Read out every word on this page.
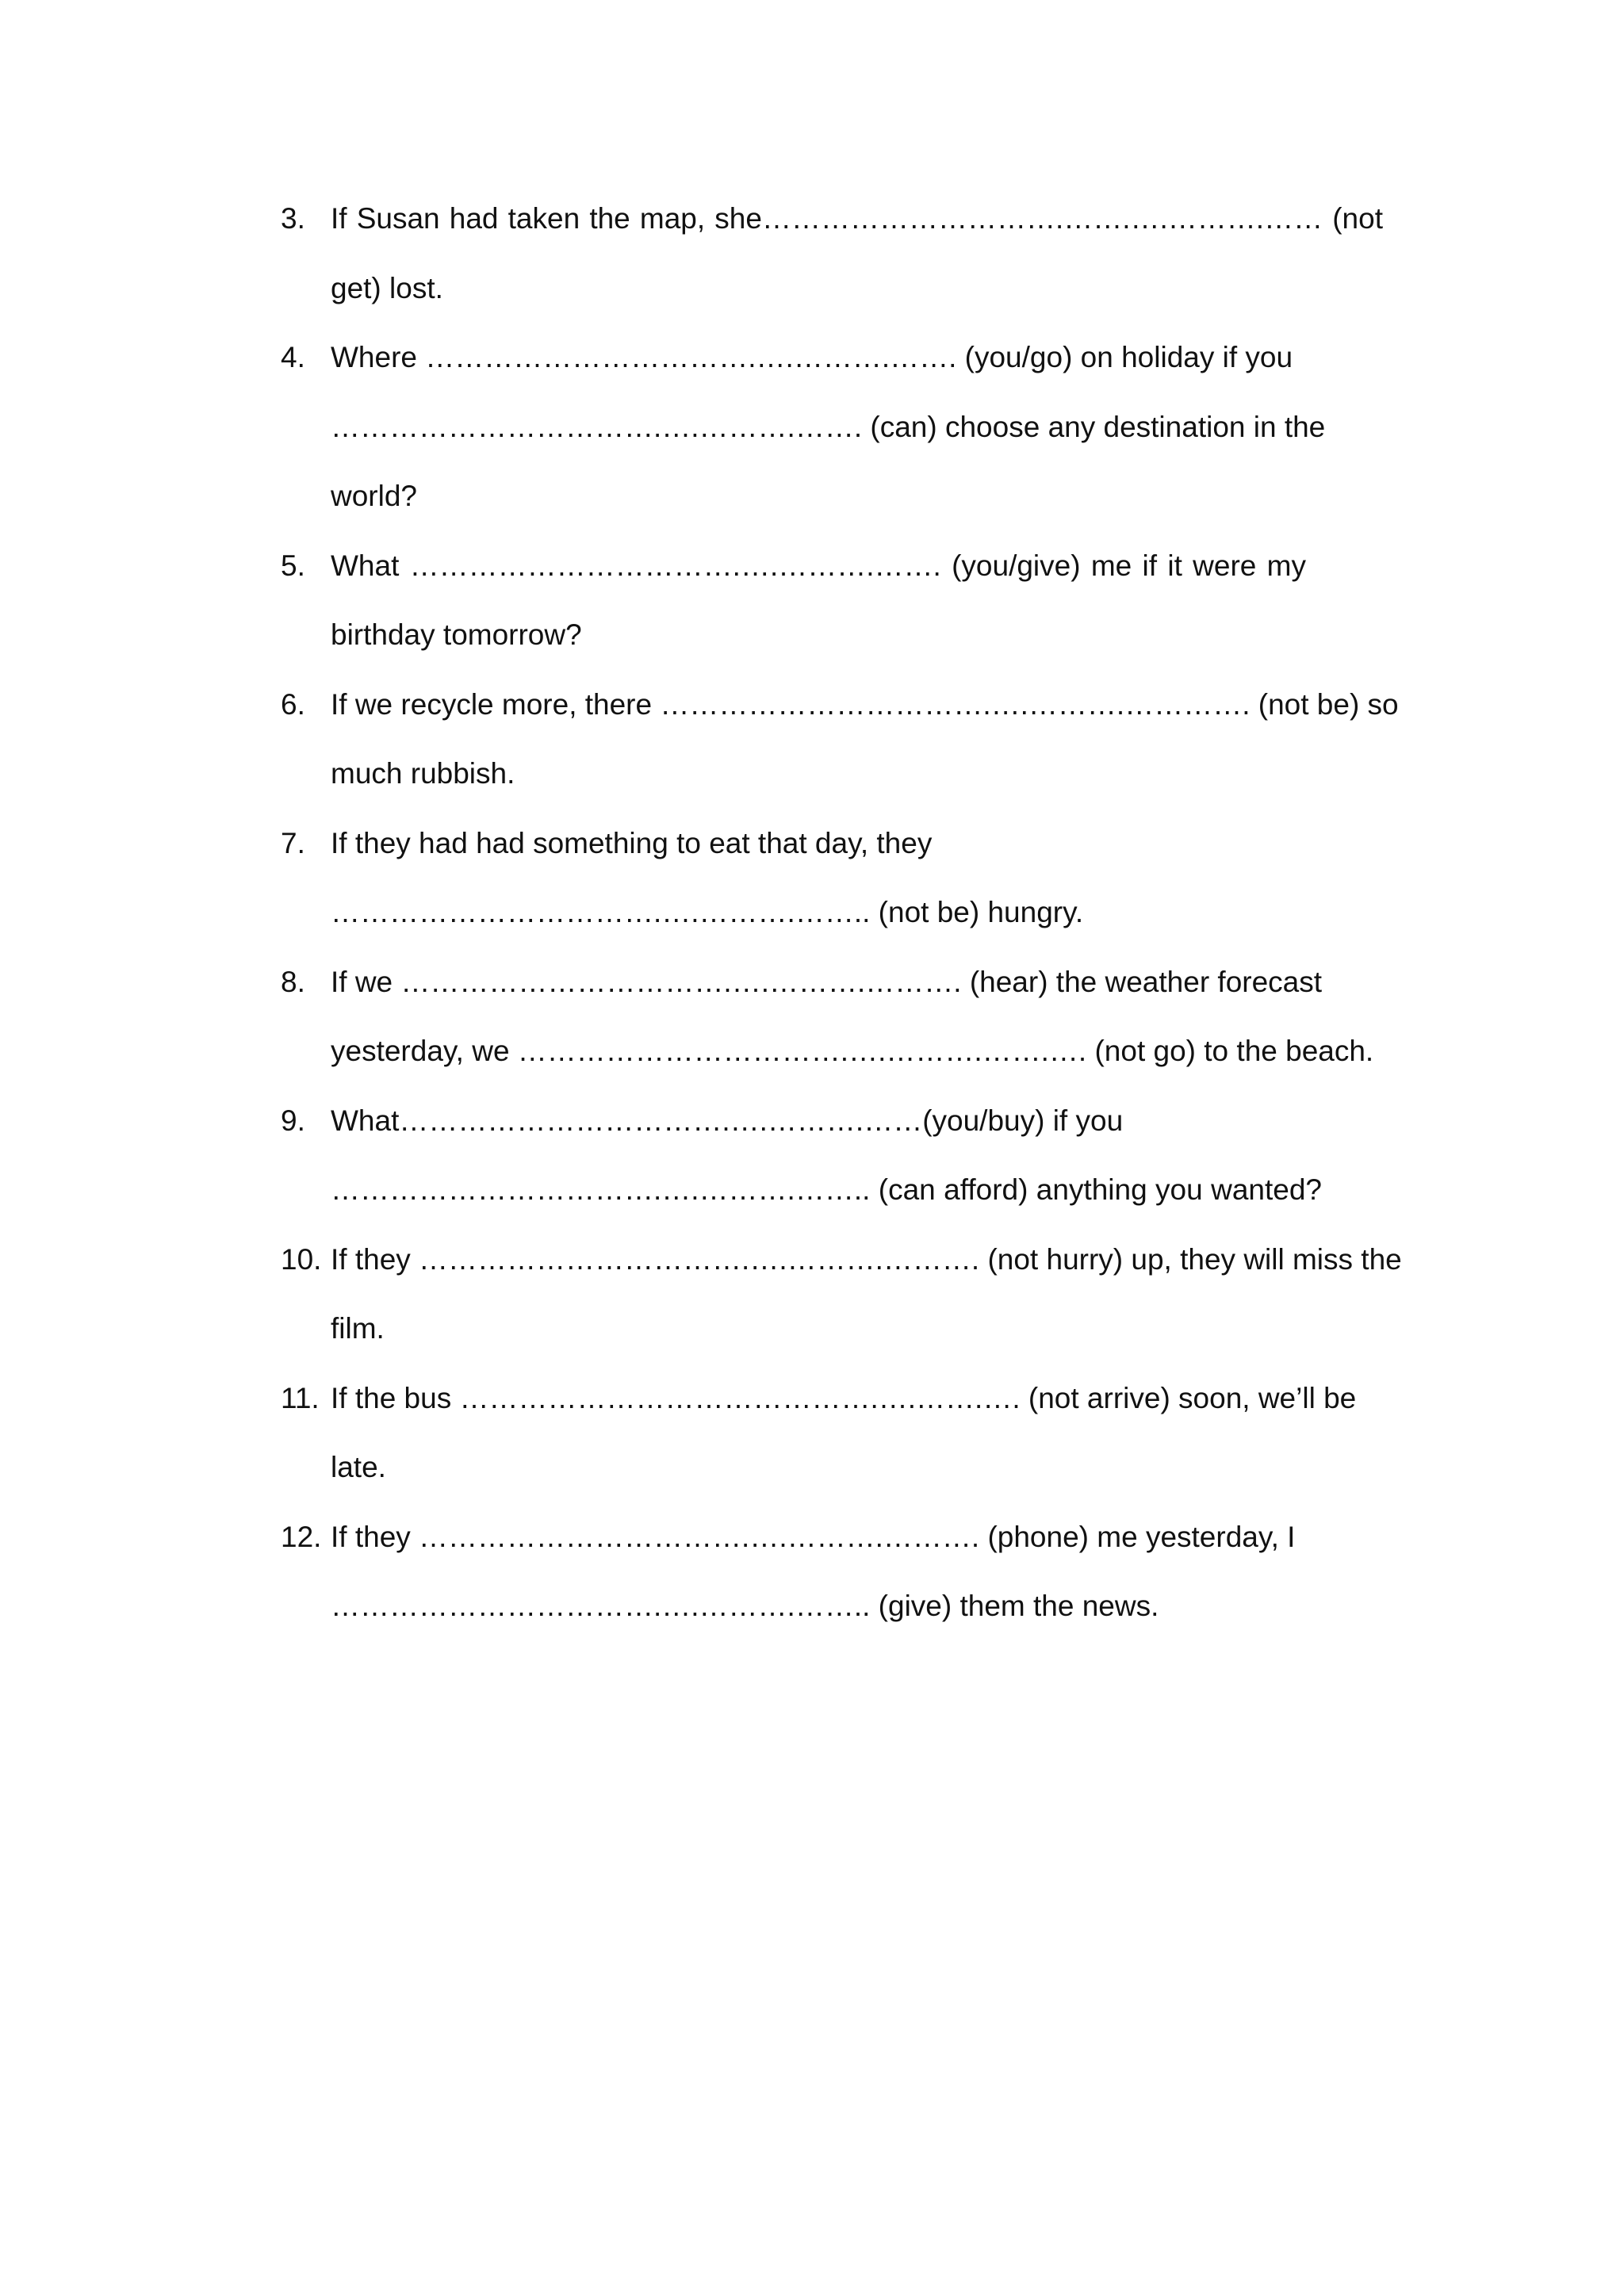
3. If Susan had taken the map, she………………………….…….….……….…… (not
get) lost.
4. Where …………………………….….……….……. (you/go) on holiday if you
…………………………….….……….……. (can) choose any destination in the
world?
5. What …………………………….….……….……. (you/give) me if it were my
birthday tomorrow?
6. If we recycle more, there …………………………….….……….…………. (not be) so
much rubbish.
7. If they had had something to eat that day, they
…………………………….….……….…….. (not be) hungry.
8. If we …………………………….….……….………. (hear) the weather forecast
yesterday, we …………………………….….……….…….…. (not go) to the beach.
9. What…………………………….….……….……(you/buy) if you
…………………………….….……….…….. (can afford) anything you wanted?
10. If they …………………………….….……….………. (not hurry) up, they will miss the
film.
11. If the bus …………………………………….….…….…. (not arrive) soon, we’ll be
late.
12. If they …………………………….….……….………. (phone) me yesterday, I
…………………………….….……….…….. (give) them the news.
